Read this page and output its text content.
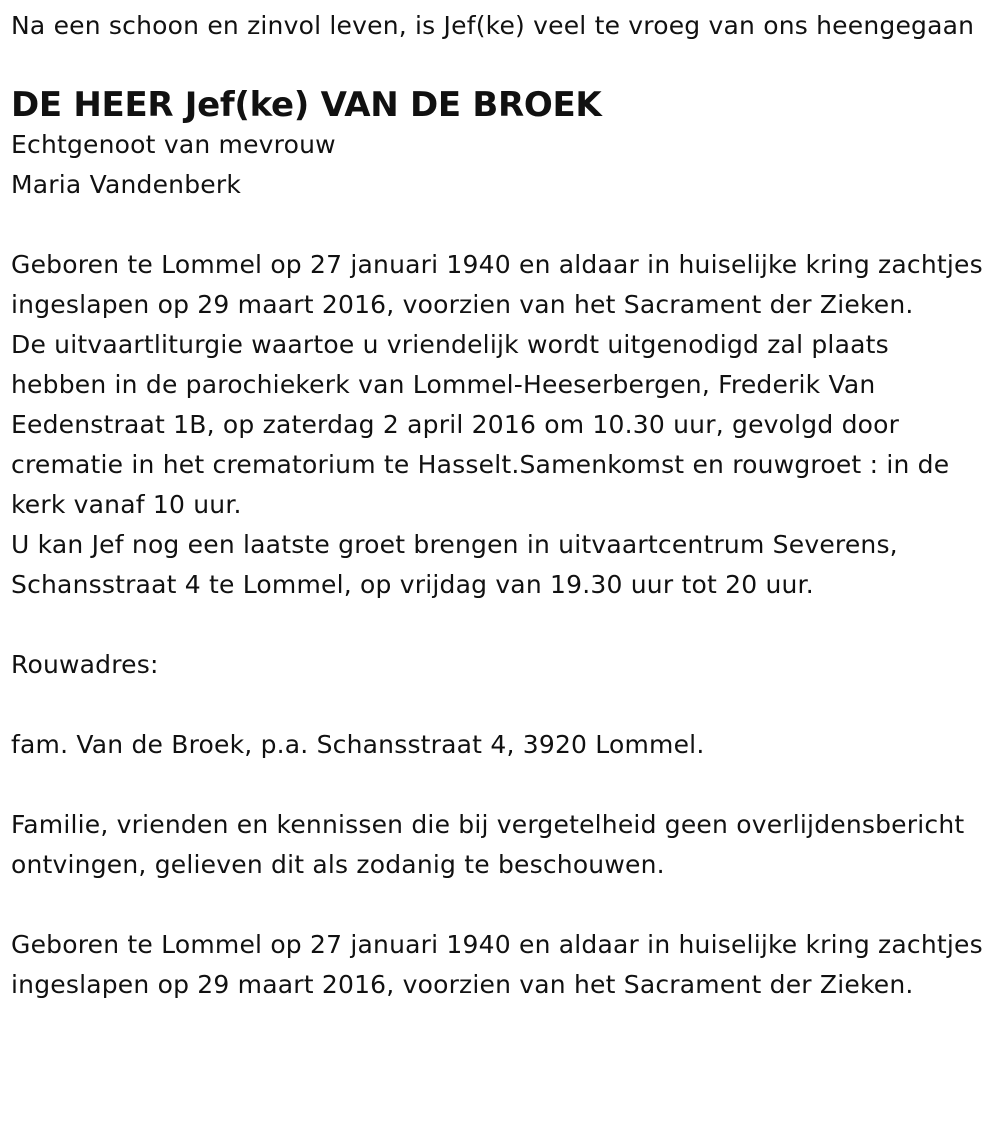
Na een schoon en zinvol leven, is Jef(ke) veel te vroeg van ons heengegaan

DE HEER Jef(ke) VAN DE BROEK

Echtgenoot van mevrouw
Maria Vandenberk

Geboren te Lommel op 27 januari 1940 en aldaar in huiselijke kring zachtjes ingeslapen op 29 maart 2016, voorzien van het Sacrament der Zieken.

De uitvaartliturgie waartoe u vriendelijk wordt uitgenodigd zal plaats hebben in de parochiekerk van Lommel-Heeserbergen, Frederik Van Eedenstraat 1B, op zaterdag 2 april 2016 om 10.30 uur, gevolgd door crematie in het crematorium te Hasselt.Samenkomst en rouwgroet : in de kerk vanaf 10 uur.

U kan Jef nog een laatste groet brengen in uitvaartcentrum Severens, Schansstraat 4 te Lommel, op vrijdag van 19.30 uur tot 20 uur.

Rouwadres:

fam. Van de Broek, p.a. Schansstraat 4, 3920 Lommel.

Familie, vrienden en kennissen die bij vergetelheid geen overlijdensbericht ontvingen, gelieven dit als zodanig te beschouwen.

Geboren te Lommel op 27 januari 1940 en aldaar in huiselijke kring zachtjes ingeslapen op 29 maart 2016, voorzien van het Sacrament der Zieken.
